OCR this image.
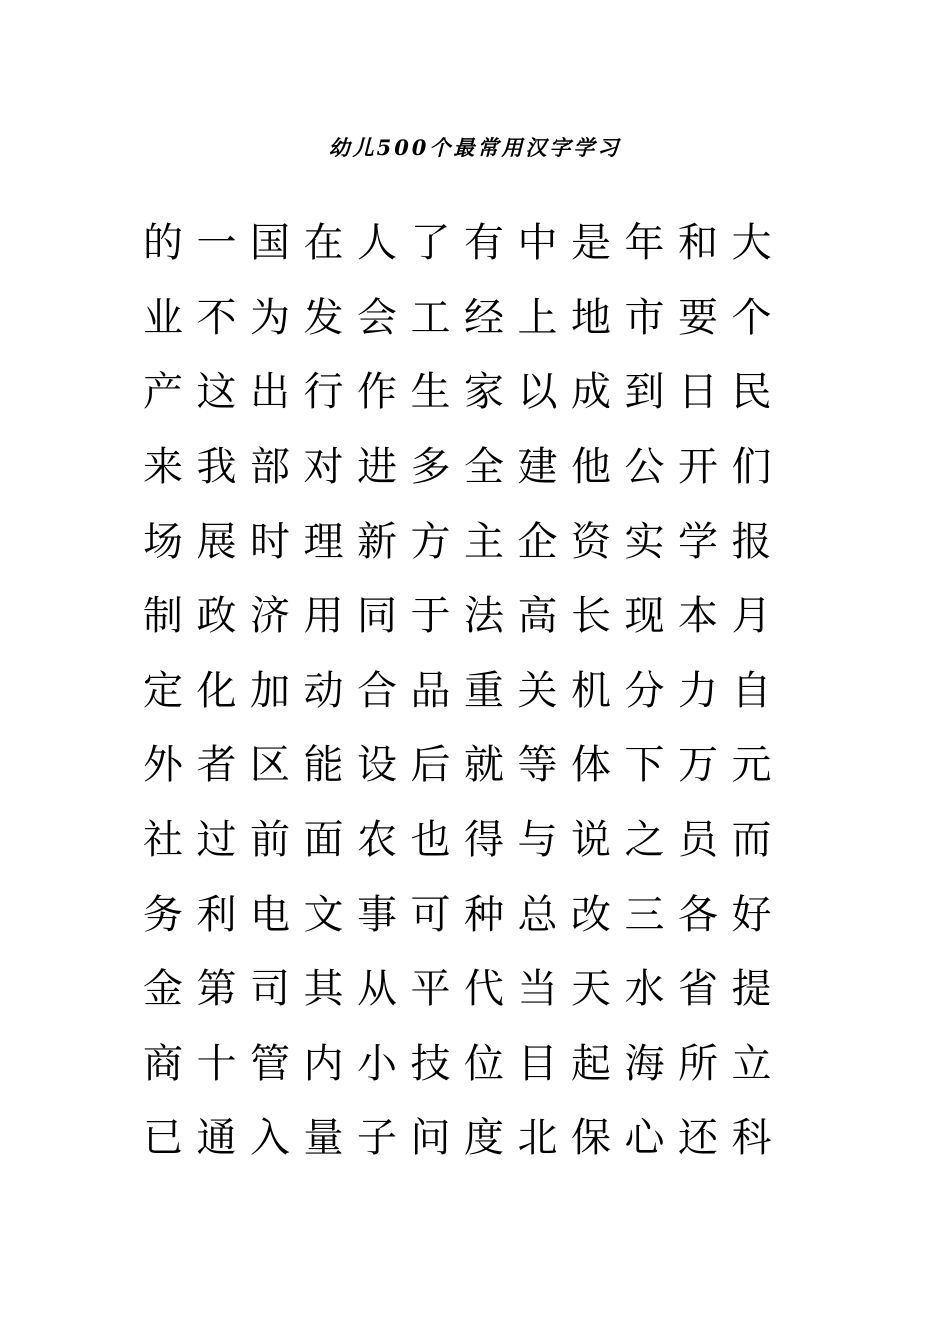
幼儿500个最常用汉字学习
的 一 国 在 人 了 有 中 是 年 和 大
业 不 为 发 会 工 经 上 地 市 要 个
产 这 出 行 作 生 家 以 成 到 日 民
来 我 部 对 进 多 全 建 他 公 开 们
场 展 时 理 新 方 主 企 资 实 学 报
制 政 济 用 同 于 法 高 长 现 本 月
定 化 加 动 合 品 重 关 机 分 力 自
外 者 区 能 设 后 就 等 体 下 万 元
社 过 前 面 农 也 得 与 说 之 员 而
务 利 电 文 事 可 种 总 改 三 各 好
金 第 司 其 从 平 代 当 天 水 省 提
商 十 管 内 小 技 位 目 起 海 所 立
已 通 入 量 子 问 度 北 保 心 还 科
